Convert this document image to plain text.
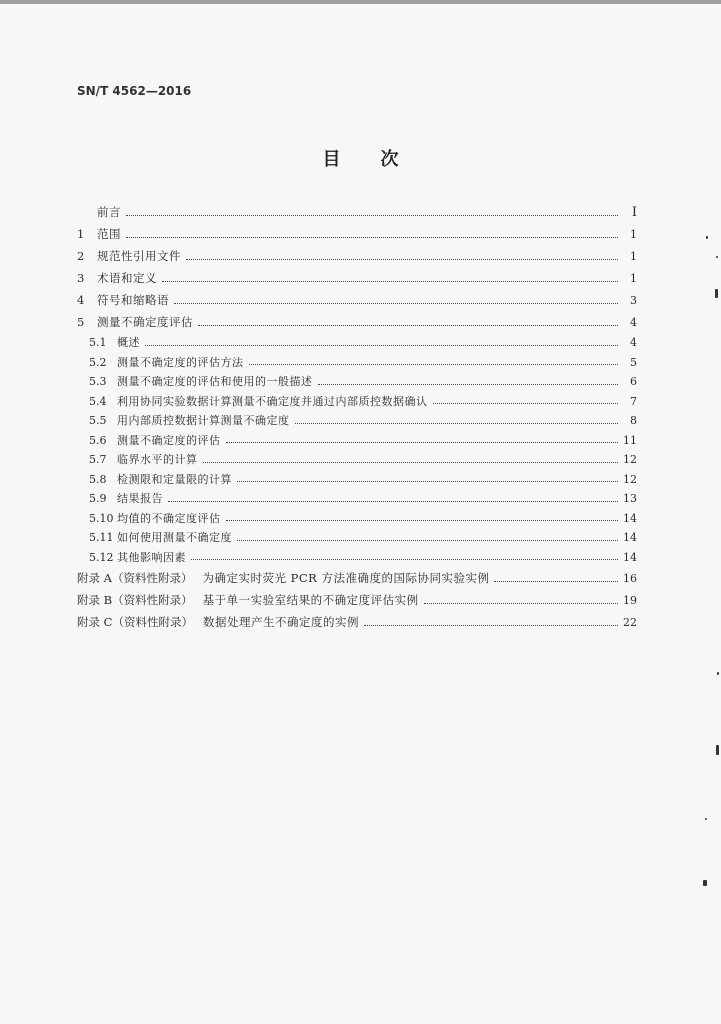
SN/T 4562—2016
目次
前言	Ⅰ
1	范围	1
2	规范性引用文件	1
3	术语和定义	1
4	符号和缩略语	3
5	测量不确定度评估	4
5.1 概述	4
5.2 测量不确定度的评估方法	5
5.3 测量不确定度的评估和使用的一般描述	6
5.4 利用协同实验数据计算测量不确定度并通过内部质控数据确认	7
5.5 用内部质控数据计算测量不确定度	8
5.6 测量不确定度的评估	11
5.7 临界水平的计算	12
5.8 检测限和定量限的计算	12
5.9 结果报告	13
5.10 均值的不确定度评估	14
5.11 如何使用测量不确定度	14
5.12 其他影响因素	14
附录 A（资料性附录） 为确定实时荧光 PCR 方法准确度的国际协同实验实例	16
附录 B（资料性附录） 基于单一实验室结果的不确定度评估实例	19
附录 C（资料性附录） 数据处理产生不确定度的实例	22
